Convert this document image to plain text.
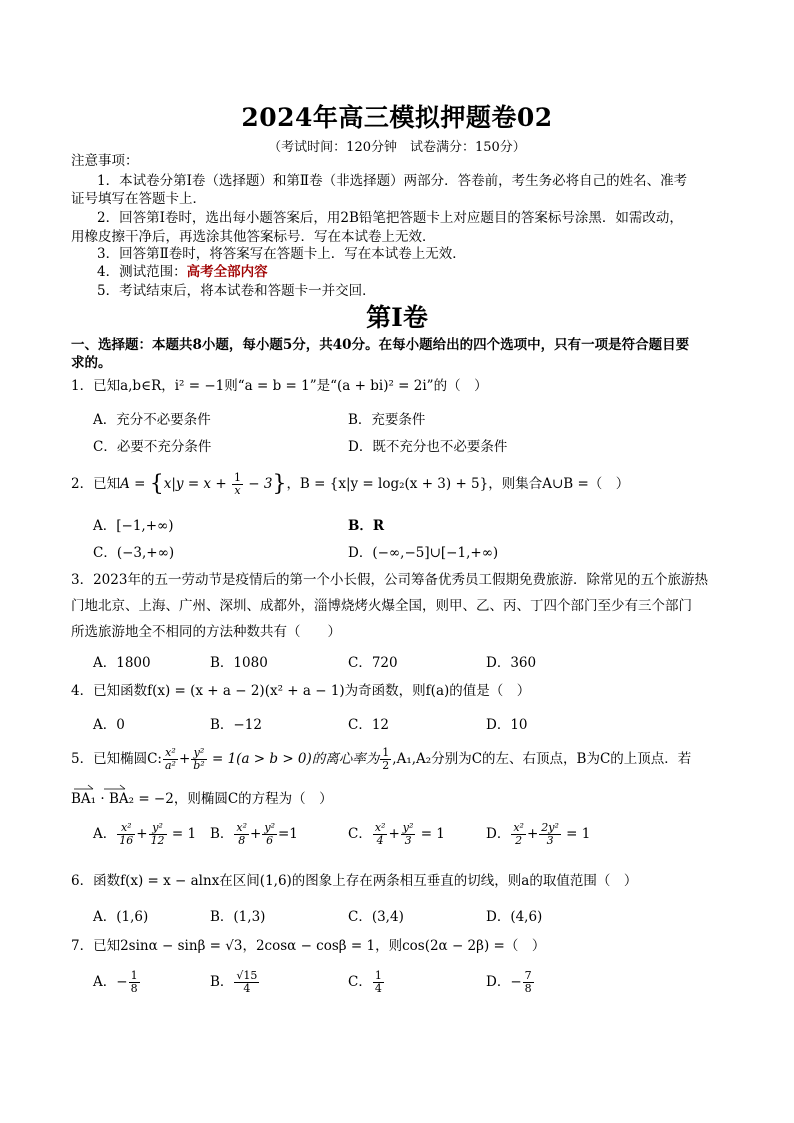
2024年高三模拟押题卷02
（考试时间：120分钟　试卷满分：150分）
注意事项：
1．本试卷分第Ⅰ卷（选择题）和第Ⅱ卷（非选择题）两部分．答卷前，考生务必将自己的姓名、准考
证号填写在答题卡上．
2．回答第Ⅰ卷时，选出每小题答案后，用2B铅笔把答题卡上对应题目的答案标号涂黑．如需改动，
用橡皮擦干净后，再选涂其他答案标号．写在本试卷上无效．
3．回答第Ⅱ卷时，将答案写在答题卡上．写在本试卷上无效．
4．测试范围：高考全部内容
5．考试结束后，将本试卷和答题卡一并交回．
第Ⅰ卷
一、选择题：本题共8小题，每小题5分，共40分。在每小题给出的四个选项中，只有一项是符合题目要
求的。
1．已知a,b∈R，i² = −1则“a = b = 1”是“(a + bi)² = 2i”的（　）
A．充分不必要条件	B．充要条件
C．必要不充分条件	D．既不充分也不必要条件
2．已知$A = \{x|y = x + \frac{1}{x} - 3\}$，B = {x|y = log₂(x + 3) + 5}，则集合A∪B =（　）
A．[−1,+∞)	B．R
C．(−3,+∞)	D．(−∞,−5]∪[−1,+∞)
3．2023年的五一劳动节是疫情后的第一个小长假，公司筹备优秀员工假期免费旅游．除常见的五个旅游热
门地北京、上海、广州、深圳、成都外，淄博烧烤火爆全国，则甲、乙、丙、丁四个部门至少有三个部门
所选旅游地全不相同的方法种数共有（　　）
A．1800	B．1080	C．720	D．360
4．已知函数f(x) = (x + a − 2)(x² + a − 1)为奇函数，则f(a)的值是（　）
A．0	B．−12	C．12	D．10
5．已知椭圆C: $\frac{\text{x²}}{\text{a²}} + \frac{\text{y²}}{\text{b²}} = 1(a > b > 0)$的离心率为 $\frac{1}{2} ,A_1,A_2$分别为C的左、右顶点，B为C的上顶点．若
BA₁ · BA₂ = −2，则椭圆C的方程为（　）
A． $\frac{\text{x²}}{16} + \frac{\text{y²}}{12} = 1$ B． $\frac{\text{x²}}{8} + \frac{\text{y²}}{6} =1$	C． $\frac{\text{x²}}{4} + \frac{\text{y²}}{3} = 1$	D． $\frac{\text{x²}}{2} + \frac{\text{2y²}}{3} = 1$
6．函数f(x) = x − alnx在区间(1,6)的图象上存在两条相互垂直的切线，则a的取值范围（　）
A．(1,6)	B．(1,3)	C．(3,4)	D．(4,6)
7．已知2sinα − sinβ = √3，2cosα − cosβ = 1，则cos(2α − 2β) =（　）
A．− $\frac{1}{8}$	B． $\frac{√15}{4}$	C． $\frac{1}{4}$	D．− $\frac{7}{8}$
